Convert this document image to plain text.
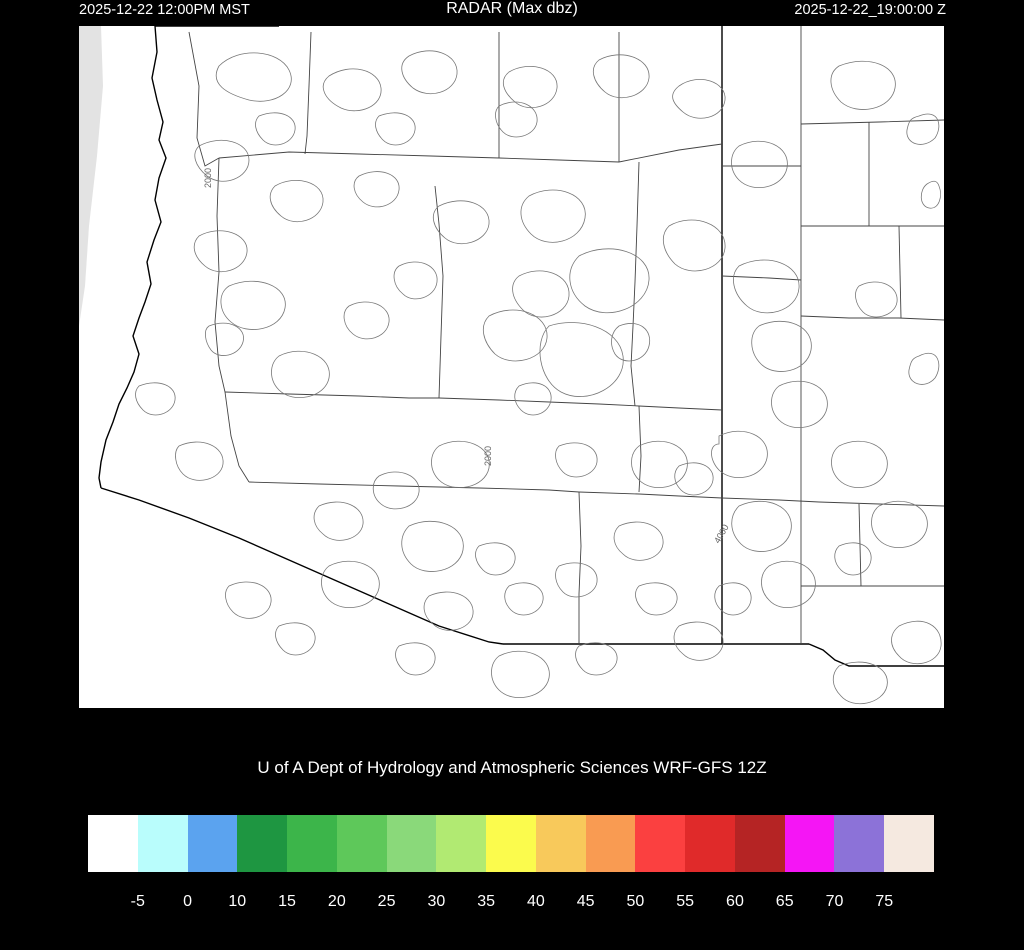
2025-12-22 12:00PM MST	RADAR (Max dbz)	2025-12-22_19:00:00 Z
2000
2000
4000
U of A Dept of Hydrology and Atmospheric Sciences WRF-GFS 12Z
-5 0 10 15 20 25 30 35 40 45 50 55 60 65 70 75
